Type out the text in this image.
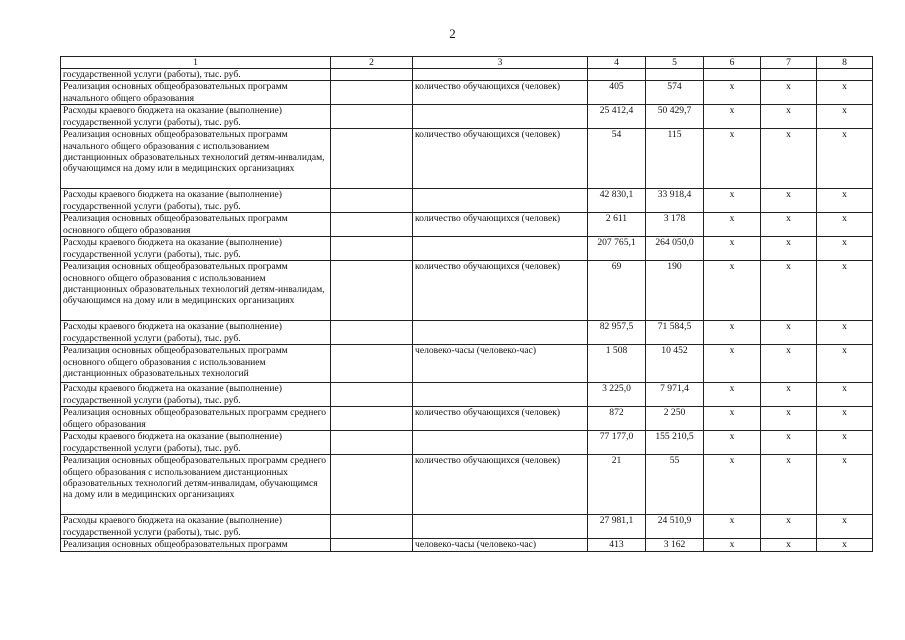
2
1	2	3	4	5	6	7	8
государственной услуги (работы), тыс. руб.							
Реализация основных общеобразовательных программ начального общего образования		количество обучающихся (человек)	405	574	x	x	x
Расходы краевого бюджета на оказание (выполнение) государственной услуги (работы), тыс. руб.			25 412,4	50 429,7	x	x	x
Реализация основных общеобразовательных программ начального общего образования с использованием дистанционных образовательных технологий детям-инвалидам, обучающимся на дому или в медицинских организациях		количество обучающихся (человек)	54	115	x	x	x
Расходы краевого бюджета на оказание (выполнение) государственной услуги (работы), тыс. руб.			42 830,1	33 918,4	x	x	x
Реализация основных общеобразовательных программ основного общего образования		количество обучающихся (человек)	2 611	3 178	x	x	x
Расходы краевого бюджета на оказание (выполнение) государственной услуги (работы), тыс. руб.			207 765,1	264 050,0	x	x	x
Реализация основных общеобразовательных программ основного общего образования с использованием дистанционных образовательных технологий детям-инвалидам, обучающимся на дому или в медицинских организациях		количество обучающихся (человек)	69	190	x	x	x
Расходы краевого бюджета на оказание (выполнение) государственной услуги (работы), тыс. руб.			82 957,5	71 584,5	x	x	x
Реализация основных общеобразовательных программ основного общего образования с использованием дистанционных образовательных технологий		человеко-часы (человеко-час)	1 508	10 452	x	x	x
Расходы краевого бюджета на оказание (выполнение) государственной услуги (работы), тыс. руб.			3 225,0	7 971,4	x	x	x
Реализация основных общеобразовательных программ среднего общего образования		количество обучающихся (человек)	872	2 250	x	x	x
Расходы краевого бюджета на оказание (выполнение) государственной услуги (работы), тыс. руб.			77 177,0	155 210,5	x	x	x
Реализация основных общеобразовательных программ среднего общего образования с использованием дистанционных образовательных технологий детям-инвалидам, обучающимся на дому или в медицинских организациях		количество обучающихся (человек)	21	55	x	x	x
Расходы краевого бюджета на оказание (выполнение) государственной услуги (работы), тыс. руб.			27 981,1	24 510,9	x	x	x
Реализация основных общеобразовательных программ		человеко-часы (человеко-час)	413	3 162	x	x	x
